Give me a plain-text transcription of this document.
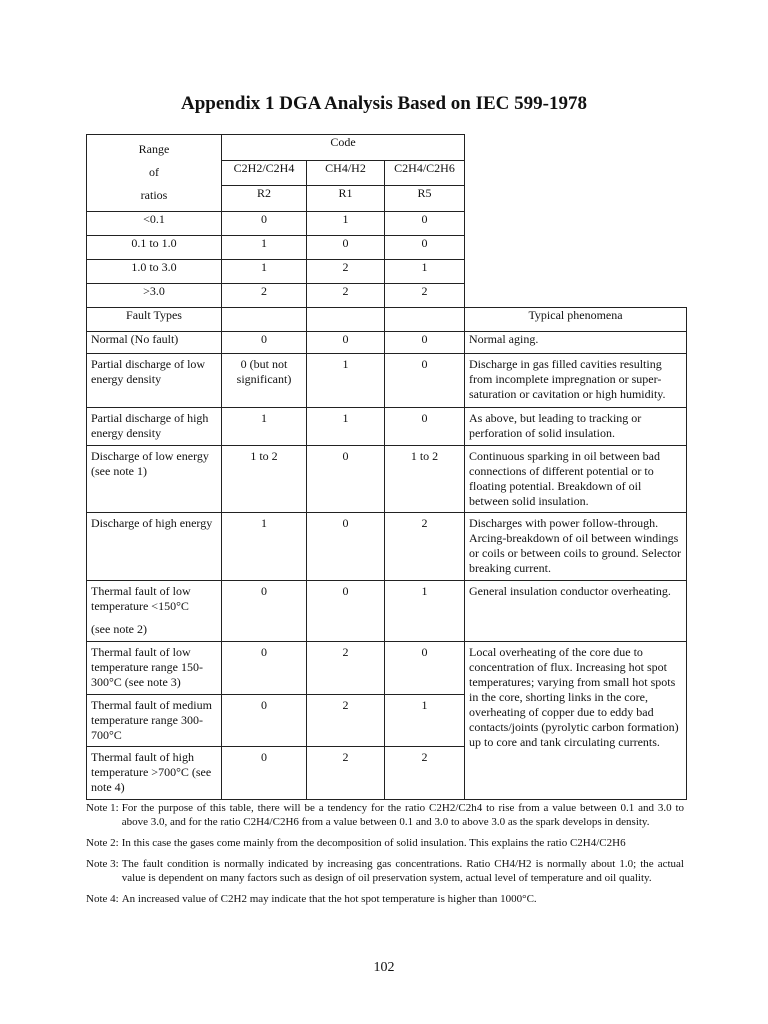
Appendix 1 DGA Analysis Based on IEC 599-1978
Range
of
ratios	Code			
	C2H2/C2H4	CH4/H2	C2H4/C2H6	
	R2	R1	R5	
<0.1	0	1	0	
0.1 to 1.0	1	0	0	
1.0 to 3.0	1	2	1	
>3.0	2	2	2	
Fault Types				Typical phenomena
Normal (No fault)	0	0	0	Normal aging.
Partial discharge of low energy density	0 (but not significant)	1	0	Discharge in gas filled cavities resulting from incomplete impregnation or super-saturation or cavitation or high humidity.
Partial discharge of high energy density	1	1	0	As above, but leading to tracking or perforation of solid insulation.
Discharge of low energy (see note 1)	1 to 2	0	1 to 2	Continuous sparking in oil between bad connections of different potential or to floating potential. Breakdown of oil between solid insulation.
Discharge of high energy	1	0	2	Discharges with power follow-through. Arcing-breakdown of oil between windings or coils or between coils to ground. Selector breaking current.

Thermal fault of low temperature <150°C
(see note 2)	0	0	1	General insulation conductor overheating.
Thermal fault of low temperature range 150-300°C (see note 3)	0	2	0	Local overheating of the core due to concentration of flux. Increasing hot spot temperatures; varying from small hot spots in the core, shorting links in the core, overheating of copper due to eddy bad contacts/joints (pyrolytic carbon formation) up to core and tank circulating currents.
Thermal fault of medium temperature range 300-700°C	0	2	1	
Thermal fault of high temperature >700°C (see note 4)	0	2	2	
Note 1: For the purpose of this table, there will be a tendency for the ratio C2H2/C2h4 to rise from a value between 0.1 and 3.0 to above 3.0, and for the ratio C2H4/C2H6 from a value between 0.1 and 3.0 to above 3.0 as the spark develops in density.
Note 2: In this case the gases come mainly from the decomposition of solid insulation. This explains the ratio C2H4/C2H6
Note 3: The fault condition is normally indicated by increasing gas concentrations. Ratio CH4/H2 is normally about 1.0; the actual value is dependent on many factors such as design of oil preservation system, actual level of temperature and oil quality.
Note 4: An increased value of C2H2 may indicate that the hot spot temperature is higher than 1000°C.
102
